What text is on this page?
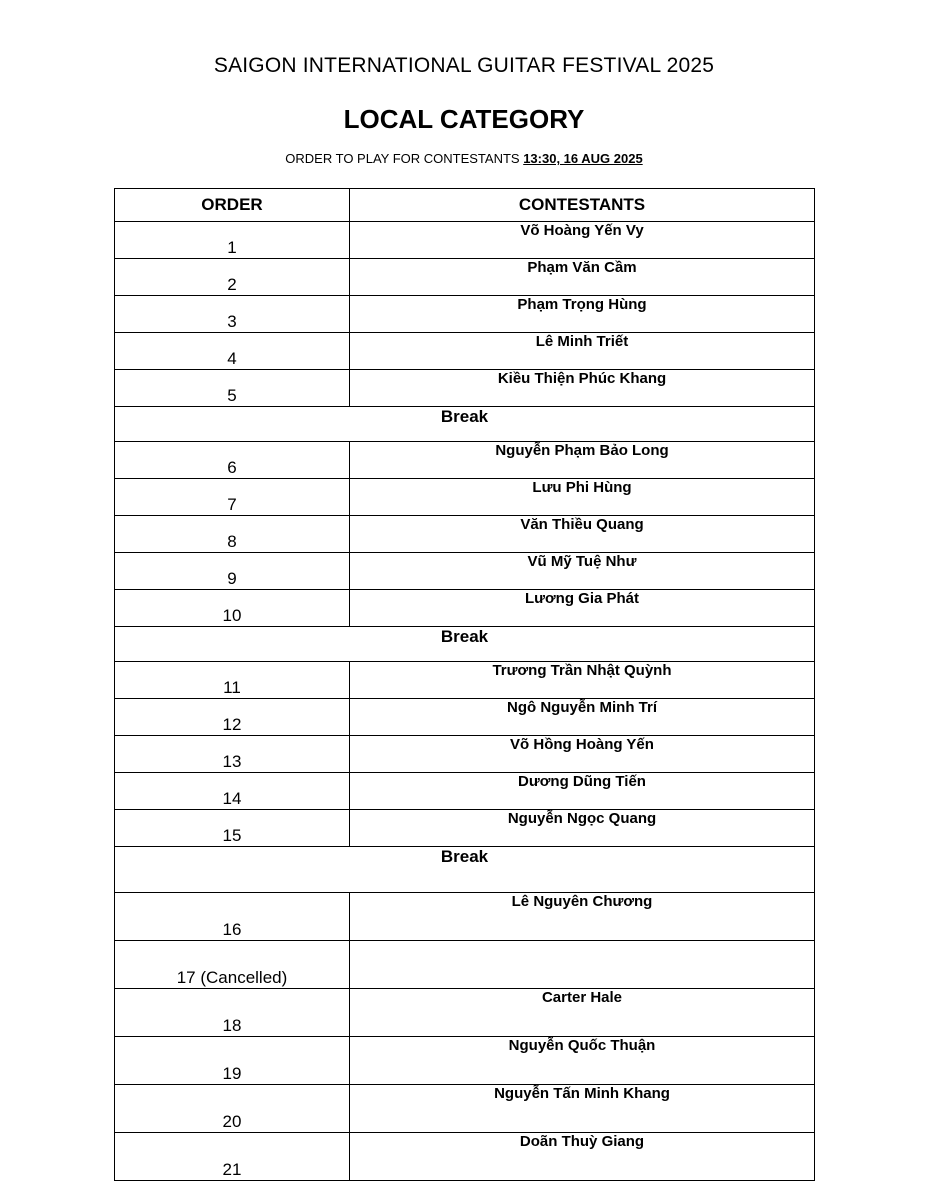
SAIGON INTERNATIONAL GUITAR FESTIVAL 2025
LOCAL CATEGORY
ORDER TO PLAY FOR CONTESTANTS 13:30, 16 AUG 2025
ORDER	CONTESTANTS
1	Võ Hoàng Yến Vy
2	Phạm Văn Cầm
3	Phạm Trọng Hùng
4	Lê Minh Triết
5	Kiều Thiện Phúc Khang
Break	
6	Nguyễn Phạm Bảo Long
7	Lưu Phi Hùng
8	Văn Thiều Quang
9	Vũ Mỹ Tuệ Như
10	Lương Gia Phát
Break	
11	Trương Trần Nhật Quỳnh
12	Ngô Nguyễn Minh Trí
13	Võ Hồng Hoàng Yến
14	Dương Dũng Tiến
15	Nguyễn Ngọc Quang
Break	
16	Lê Nguyên Chương
17 (Cancelled)	
18	Carter Hale
19	Nguyễn Quốc Thuận
20	Nguyễn Tấn Minh Khang
21	Doãn Thuỳ Giang
